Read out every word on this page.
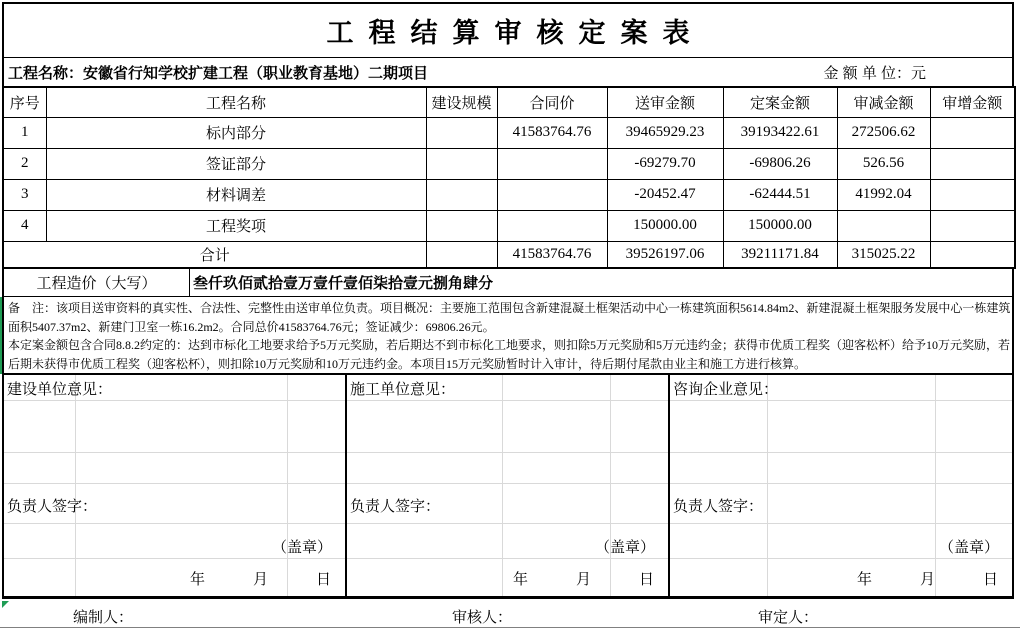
工程结算审核定案表
工程名称：安徽省行知学校扩建工程（职业教育基地）二期项目	金 额 单 位：元
序号	工程名称	建设规模	合同价	送审金额	定案金额	审减金额	审增金额
1	标内部分		41583764.76	39465929.23	39193422.61	272506.62	
2	签证部分			-69279.70	-69806.26	526.56	
3	材料调差			-20452.47	-62444.51	41992.04	
4	工程奖项			150000.00	150000.00		
合计			41583764.76	39526197.06	39211171.84	315025.22	
工程造价（大写）	叁仟玖佰贰拾壹万壹仟壹佰柒拾壹元捌角肆分
备　注：该项目送审资料的真实性、合法性、完整性由送审单位负责。项目概况：主要施工范围包含新建混凝土框架活动中心一栋建筑面积5614.84m2、新建混凝土框架服务发展中心一栋建筑
面积5407.37m2、新建门卫室一栋16.2m2。合同总价41583764.76元；签证减少：69806.26元。
本定案金额包含合同8.8.2约定的：达到市标化工地要求给予5万元奖励，若后期达不到市标化工地要求，则扣除5万元奖励和5万元违约金；获得市优质工程奖（迎客松杯）给予10万元奖励，若
后期未获得市优质工程奖（迎客松杯），则扣除10万元奖励和10万元违约金。本项目15万元奖励暂时计入审计，待后期付尾款由业主和施工方进行核算。
建设单位意见：
负责人签字：
（盖章）
年	月	日
施工单位意见：
负责人签字：
（盖章）
年	月	日
咨询企业意见：
负责人签字：
（盖章）
年	月	日
编制人：	审核人：	审定人：
